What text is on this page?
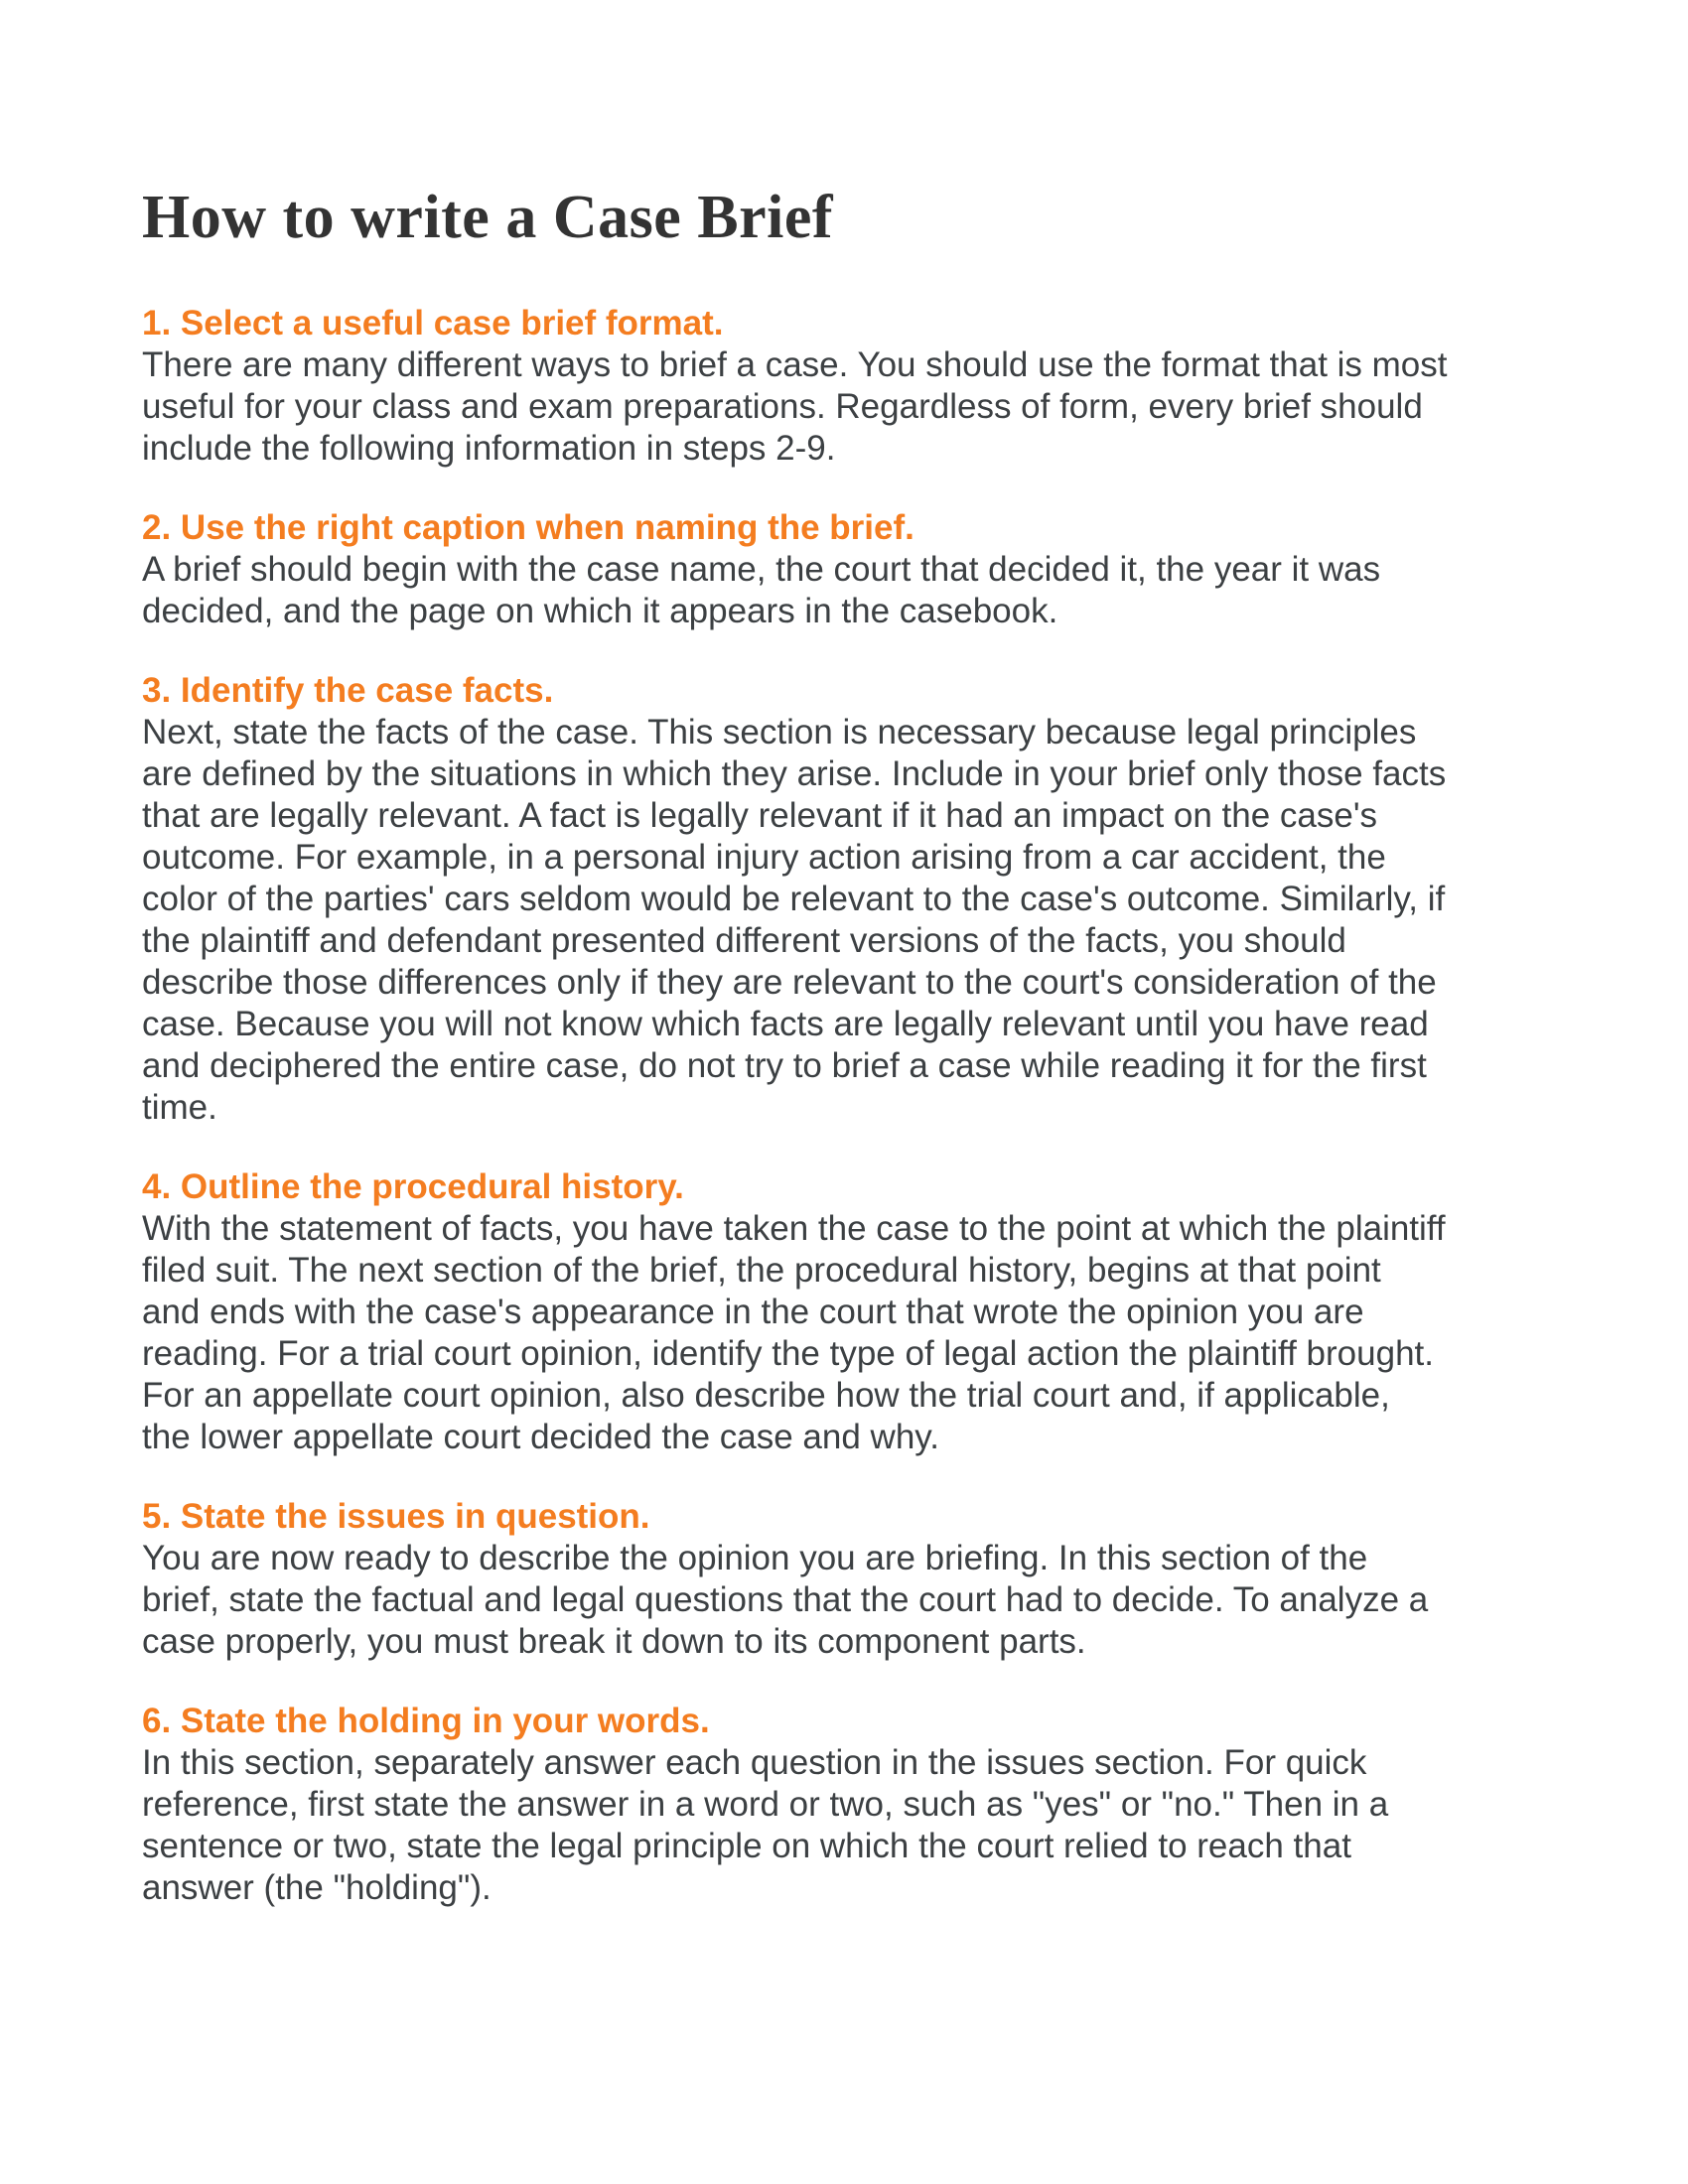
How to write a Case Brief
1. Select a useful case brief format.

There are many different ways to brief a case. You should use the format that is most useful for your class and exam preparations. Regardless of form, every brief should include the following information in steps 2-9.

2. Use the right caption when naming the brief.

A brief should begin with the case name, the court that decided it, the year it was decided, and the page on which it appears in the casebook.

3. Identify the case facts.

Next, state the facts of the case. This section is necessary because legal principles are defined by the situations in which they arise. Include in your brief only those facts that are legally relevant. A fact is legally relevant if it had an impact on the case's outcome. For example, in a personal injury action arising from a car accident, the color of the parties' cars seldom would be relevant to the case's outcome. Similarly, if the plaintiff and defendant presented different versions of the facts, you should describe those differences only if they are relevant to the court's consideration of the case. Because you will not know which facts are legally relevant until you have read and deciphered the entire case, do not try to brief a case while reading it for the first time.

4. Outline the procedural history.

With the statement of facts, you have taken the case to the point at which the plaintiff filed suit. The next section of the brief, the procedural history, begins at that point and ends with the case's appearance in the court that wrote the opinion you are reading. For a trial court opinion, identify the type of legal action the plaintiff brought. For an appellate court opinion, also describe how the trial court and, if applicable, the lower appellate court decided the case and why.

5. State the issues in question.

You are now ready to describe the opinion you are briefing. In this section of the brief, state the factual and legal questions that the court had to decide. To analyze a case properly, you must break it down to its component parts.

6. State the holding in your words.

In this section, separately answer each question in the issues section. For quick reference, first state the answer in a word or two, such as "yes" or "no." Then in a sentence or two, state the legal principle on which the court relied to reach that answer (the "holding").
